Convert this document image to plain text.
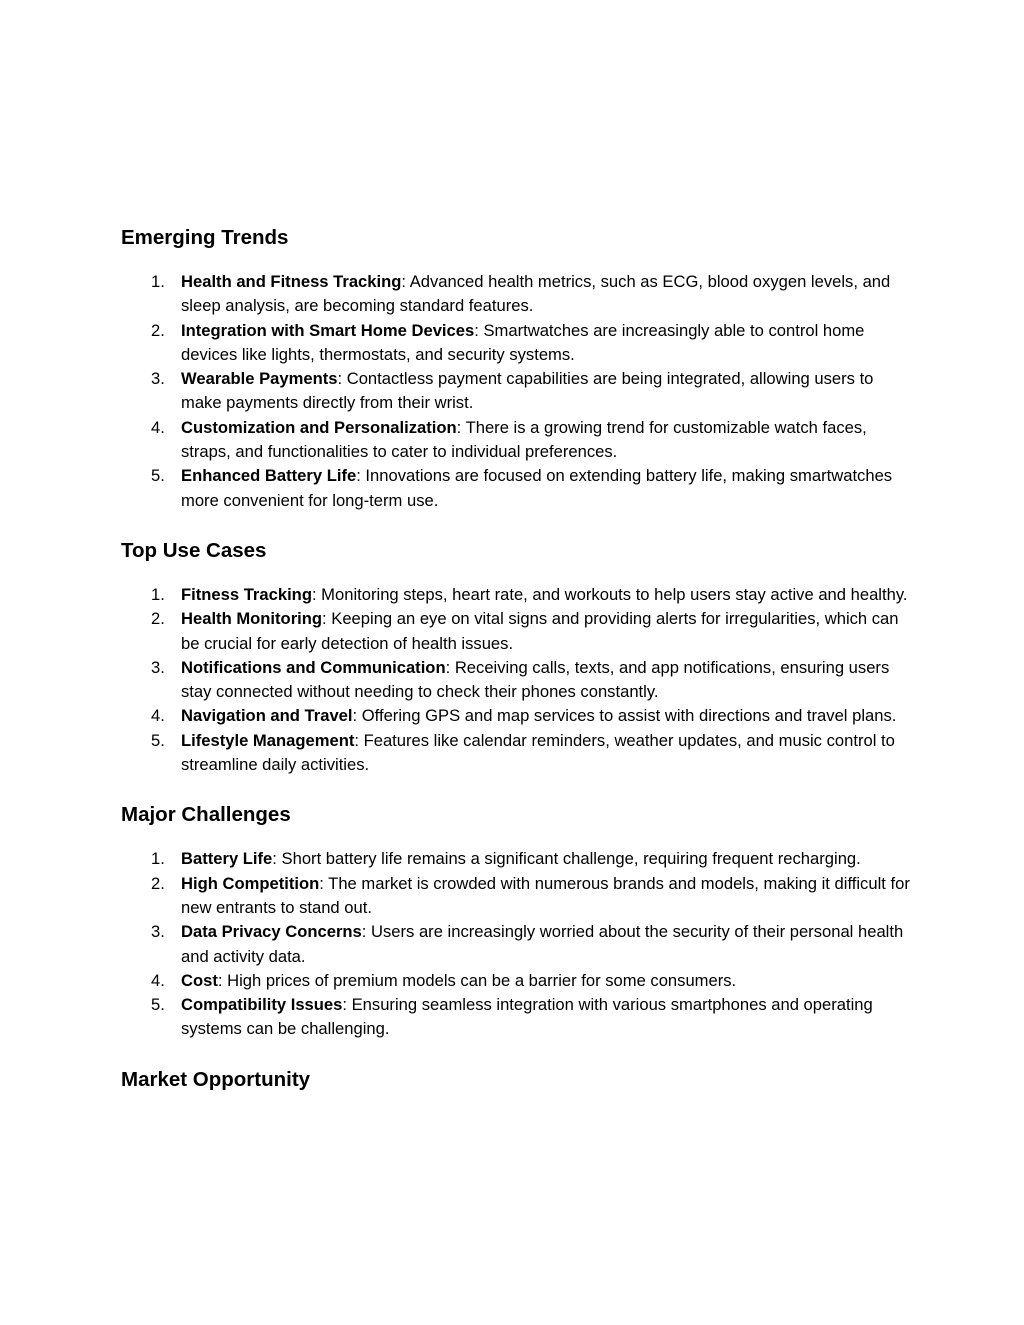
Emerging Trends
1. Health and Fitness Tracking: Advanced health metrics, such as ECG, blood oxygen levels, and sleep analysis, are becoming standard features.
2. Integration with Smart Home Devices: Smartwatches are increasingly able to control home devices like lights, thermostats, and security systems.
3. Wearable Payments: Contactless payment capabilities are being integrated, allowing users to make payments directly from their wrist.
4. Customization and Personalization: There is a growing trend for customizable watch faces, straps, and functionalities to cater to individual preferences.
5. Enhanced Battery Life: Innovations are focused on extending battery life, making smartwatches more convenient for long-term use.
Top Use Cases
1. Fitness Tracking: Monitoring steps, heart rate, and workouts to help users stay active and healthy.
2. Health Monitoring: Keeping an eye on vital signs and providing alerts for irregularities, which can be crucial for early detection of health issues.
3. Notifications and Communication: Receiving calls, texts, and app notifications, ensuring users stay connected without needing to check their phones constantly.
4. Navigation and Travel: Offering GPS and map services to assist with directions and travel plans.
5. Lifestyle Management: Features like calendar reminders, weather updates, and music control to streamline daily activities.
Major Challenges
1. Battery Life: Short battery life remains a significant challenge, requiring frequent recharging.
2. High Competition: The market is crowded with numerous brands and models, making it difficult for new entrants to stand out.
3. Data Privacy Concerns: Users are increasingly worried about the security of their personal health and activity data.
4. Cost: High prices of premium models can be a barrier for some consumers.
5. Compatibility Issues: Ensuring seamless integration with various smartphones and operating systems can be challenging.
Market Opportunity
